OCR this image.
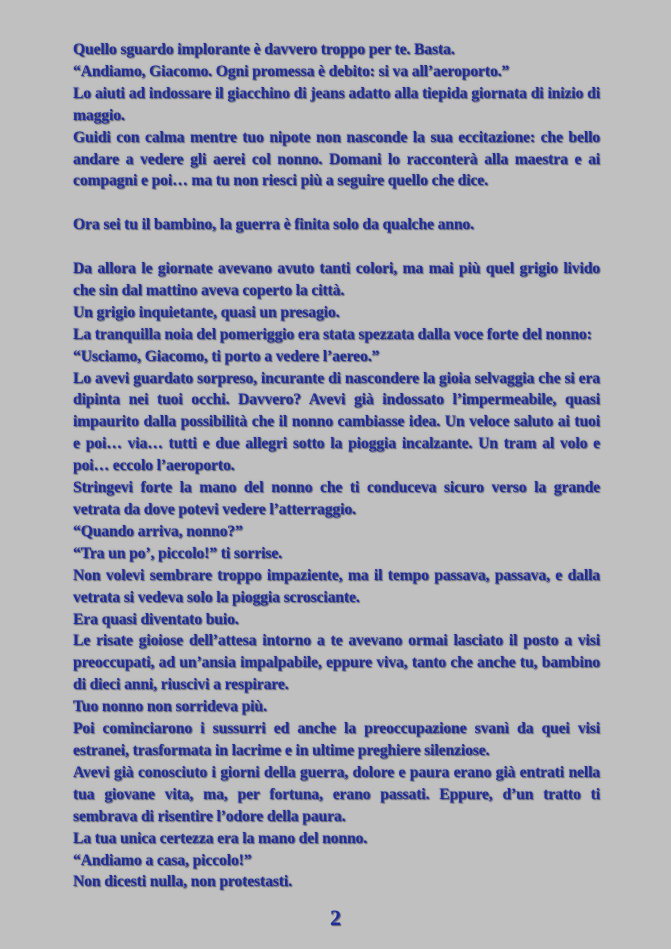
Quello sguardo implorante è davvero troppo per te. Basta.

“Andiamo, Giacomo. Ogni promessa è debito: si va all’aeroporto.”

Lo aiuti ad indossare il giacchino di jeans adatto alla tiepida giornata di inizio di maggio.

Guidi con calma mentre tuo nipote non nasconde la sua eccitazione: che bello andare a vedere gli aerei col nonno. Domani lo racconterà alla maestra e ai compagni e poi… ma tu non riesci più a seguire quello che dice.

Ora sei tu il bambino, la guerra è finita solo da qualche anno.

Da allora le giornate avevano avuto tanti colori, ma mai più quel grigio livido che sin dal mattino aveva coperto la città.

Un grigio inquietante, quasi un presagio.

La tranquilla noia del pomeriggio era stata spezzata dalla voce forte del nonno:

“Usciamo, Giacomo, ti porto a vedere l’aereo.”

Lo avevi guardato sorpreso, incurante di nascondere la gioia selvaggia che si era dipinta nei tuoi occhi. Davvero? Avevi già indossato l’impermeabile, quasi impaurito dalla possibilità che il nonno cambiasse idea. Un veloce saluto ai tuoi e poi… via… tutti e due allegri sotto la pioggia incalzante. Un tram al volo e poi… eccolo l’aeroporto.

Stringevi forte la mano del nonno che ti conduceva sicuro verso la grande vetrata da dove potevi vedere l’atterraggio.

“Quando arriva, nonno?”

“Tra un po’, piccolo!” ti sorrise.

Non volevi sembrare troppo impaziente, ma il tempo passava, passava, e dalla vetrata si vedeva solo la pioggia scrosciante.

Era quasi diventato buio.

Le risate gioiose dell’attesa intorno a te avevano ormai lasciato il posto a visi preoccupati, ad un’ansia impalpabile, eppure viva, tanto che anche tu, bambino di dieci anni, riuscivi a respirare.

Tuo nonno non sorrideva più.

Poi cominciarono i sussurri ed anche la preoccupazione svanì da quei visi estranei, trasformata in lacrime e in ultime preghiere silenziose.

Avevi già conosciuto i giorni della guerra, dolore e paura erano già entrati nella tua giovane vita, ma, per fortuna, erano passati. Eppure, d’un tratto ti sembrava di risentire l’odore della paura.

La tua unica certezza era la mano del nonno.

“Andiamo a casa, piccolo!”

Non dicesti nulla, non protestasti.

2
